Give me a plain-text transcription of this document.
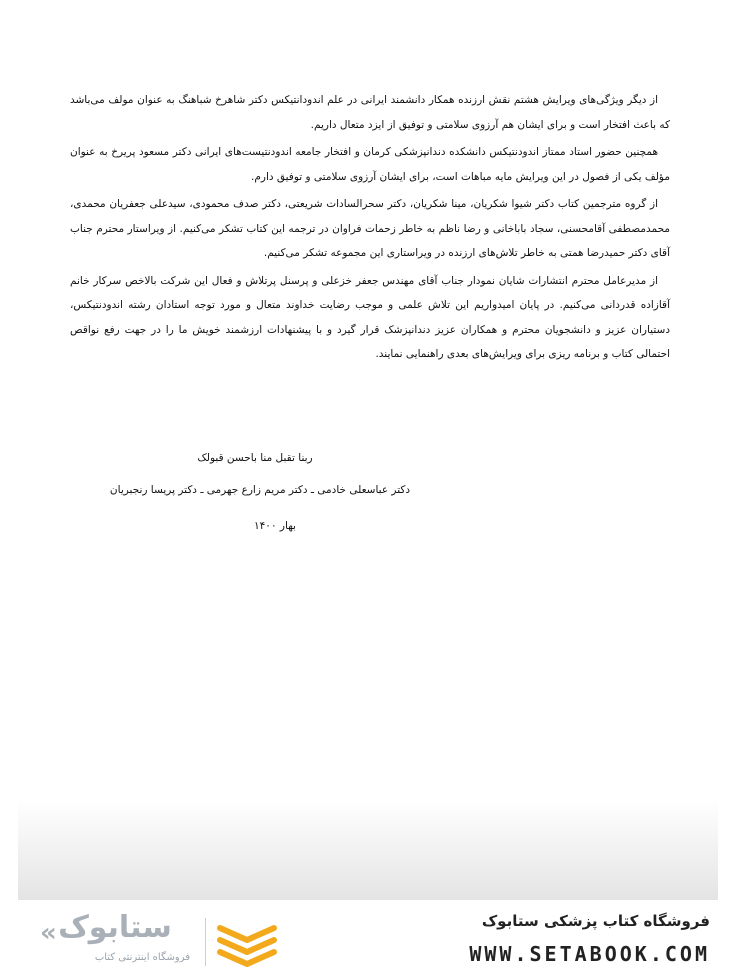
از دیگر ویژگی‌های ویرایش هشتم نقش ارزنده همکار دانشمند ایرانی در علم اندودانتیکس دکتر شاهرخ شباهنگ به عنوان مولف می‌باشد که باعث افتخار است و برای ایشان هم آرزوی سلامتی و توفیق از ایزد متعال داریم.

همچنین حضور استاد ممتاز اندودنتیکس دانشکده دندانپزشکی کرمان و افتخار جامعه اندودنتیست‌های ایرانی دکتر مسعود پریرخ به عنوان مؤلف یکی از فصول در این ویرایش مایه مباهات است، برای ایشان آرزوی سلامتی و توفیق دارم.

از گروه مترجمین کتاب دکتر شیوا شکریان، مینا شکریان، دکتر سحرالسادات شریعتی، دکتر صدف محمودی، سیدعلی جعفریان محمدی، محمدمصطفی آقامحسنی، سجاد باباخانی و رضا ناظم به خاطر زحمات فراوان در ترجمه این کتاب تشکر می‌کنیم. از ویراستار محترم جناب آقای دکتر حمیدرضا همتی به خاطر تلاش‌های ارزنده در ویراستاری این مجموعه تشکر می‌کنیم.

از مدیرعامل محترم انتشارات شایان نمودار جناب آقای مهندس جعفر خزعلی و پرسنل پرتلاش و فعال این شرکت بالاخص سرکار خانم آقازاده قدردانی می‌کنیم. در پایان امیدواریم این تلاش علمی و موجب رضایت خداوند متعال و مورد توجه استادان رشته اندودنتیکس، دستیاران عزیز و دانشجویان محترم و همکاران عزیز دندانپزشک قرار گیرد و با پیشنهادات ارزشمند خویش ما را در جهت رفع نواقص احتمالی کتاب و برنامه ریزی برای ویرایش‌های بعدی راهنمایی نمایند.

ربنا تقبل منا باحسن قبولک
دکتر عباسعلی خادمی ـ دکتر مریم زارع جهرمی ـ دکتر پریسا رنجبریان
بهار ۱۴۰۰
فروشگاه کتاب پزشکی ستابوک
WWW.SETABOOK.COM
« ستابوک
فروشگاه اینترنتی کتاب
